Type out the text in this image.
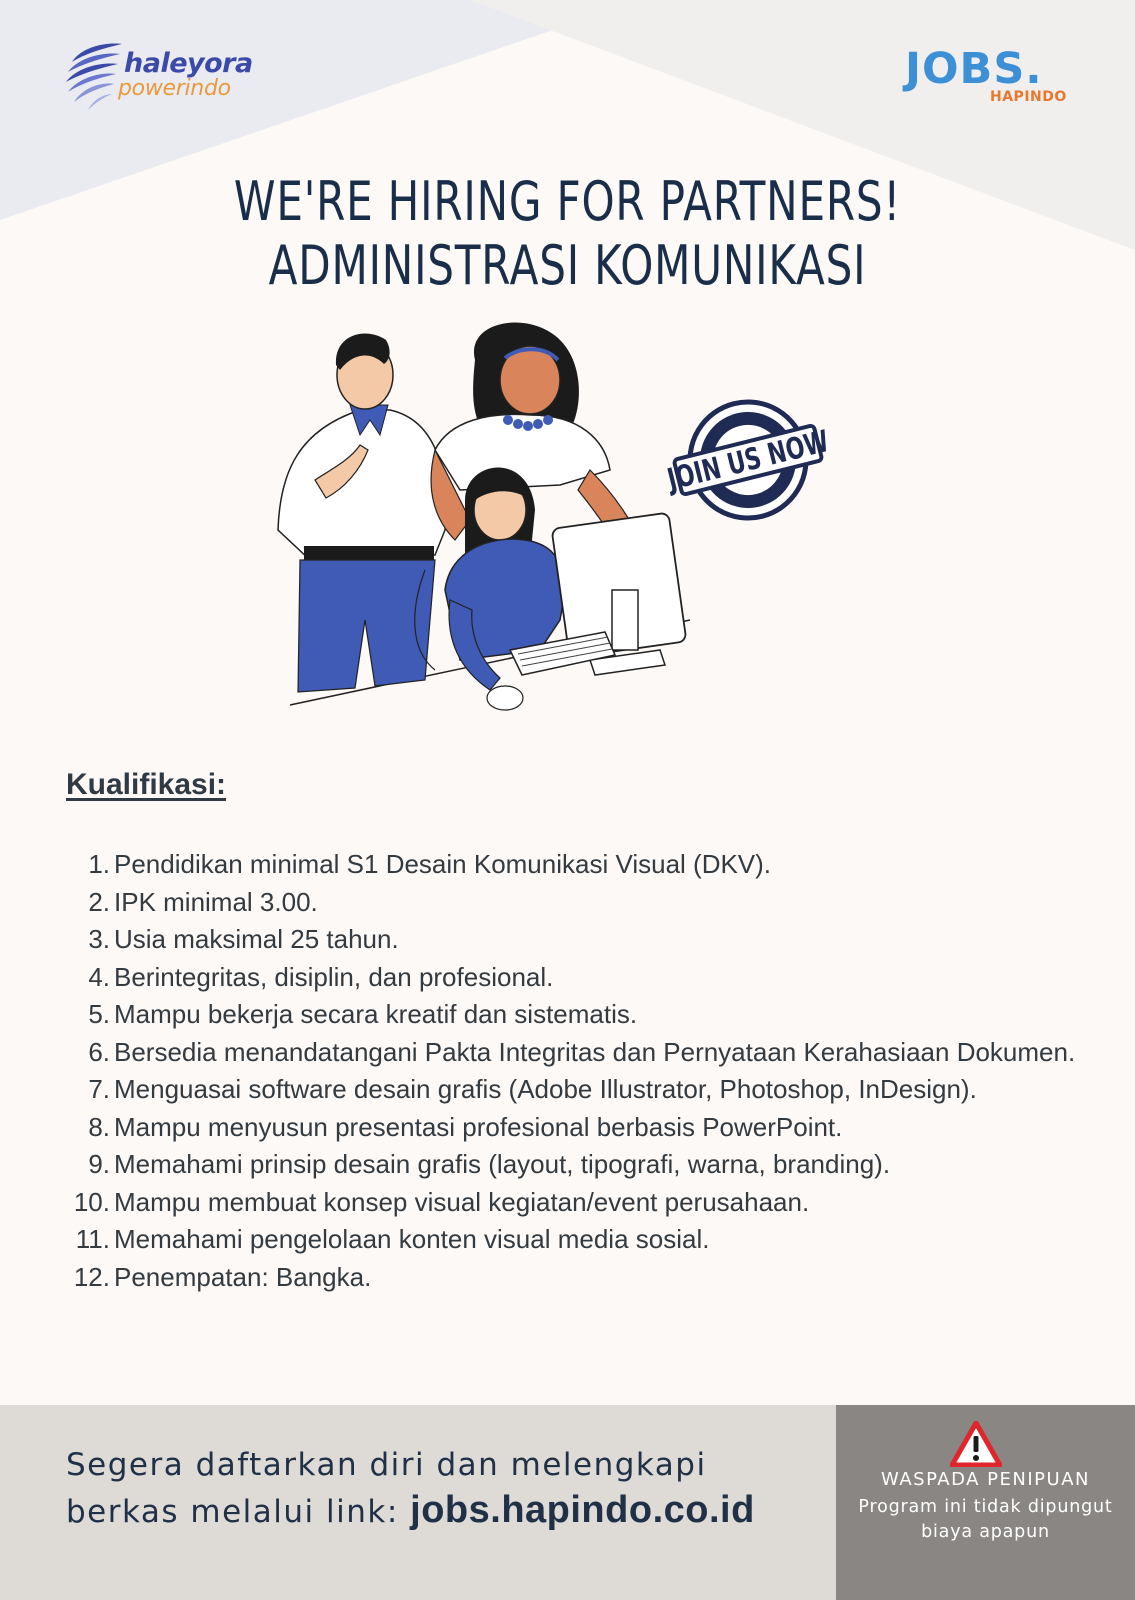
haleyora
powerindo	JOBS.
HAPINDO
WE'RE HIRING FOR PARTNERS!
ADMINISTRASI KOMUNIKASI
JOIN US NOW
Kualifikasi:
1. Pendidikan minimal S1 Desain Komunikasi Visual (DKV).
2. IPK minimal 3.00.
3. Usia maksimal 25 tahun.
4. Berintegritas, disiplin, dan profesional.
5. Mampu bekerja secara kreatif dan sistematis.
6. Bersedia menandatangani Pakta Integritas dan Pernyataan Kerahasiaan Dokumen.
7. Menguasai software desain grafis (Adobe Illustrator, Photoshop, InDesign).
8. Mampu menyusun presentasi profesional berbasis PowerPoint.
9. Memahami prinsip desain grafis (layout, tipografi, warna, branding).
10. Mampu membuat konsep visual kegiatan/event perusahaan.
11. Memahami pengelolaan konten visual media sosial.
12. Penempatan: Bangka.
Segera daftarkan diri dan melengkapi
berkas melalui link: jobs.hapindo.co.id
WASPADA PENIPUAN
Program ini tidak dipungut biaya apapun
